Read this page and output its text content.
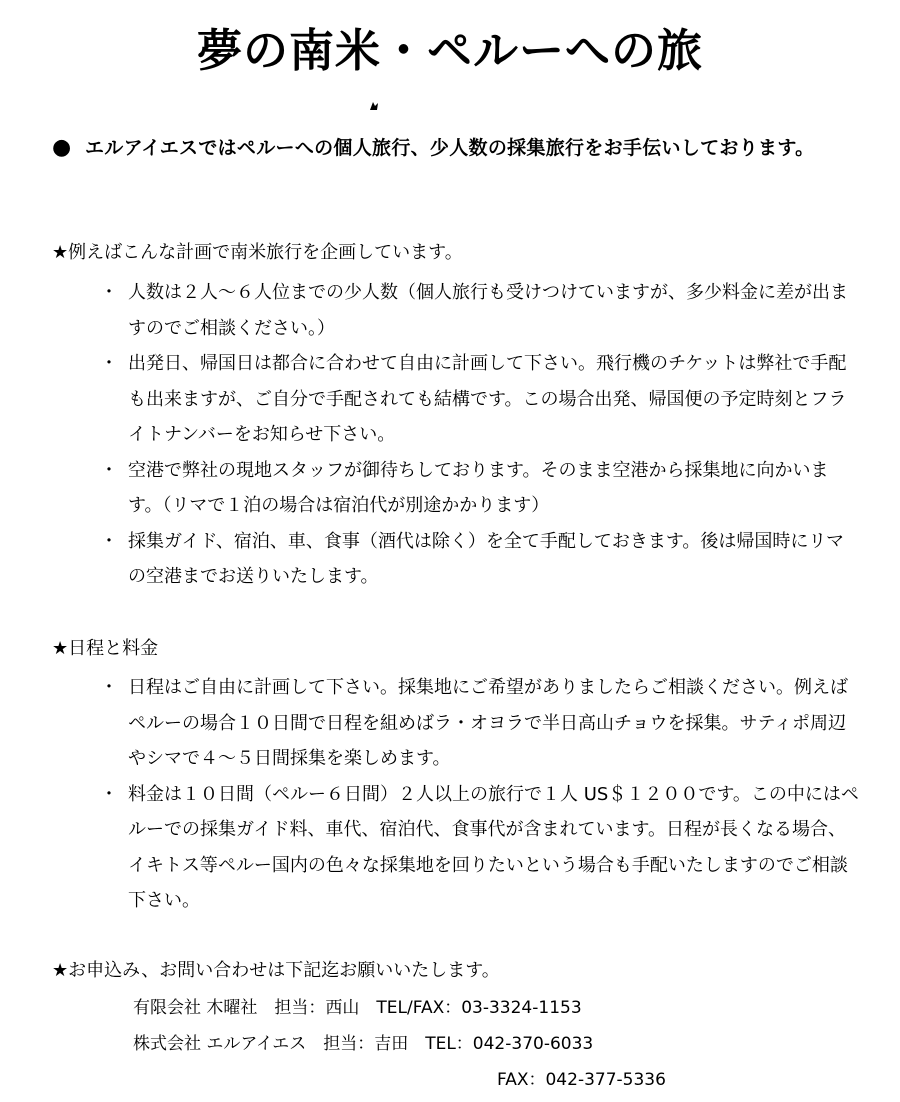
夢の南米・ペルーへの旅
● エルアイエスではペルーへの個人旅行、少人数の採集旅行をお手伝いしております。
★例えばこんな計画で南米旅行を企画しています。
・ 人数は２人〜６人位までの少人数（個人旅行も受けつけていますが、多少料金に差が出ますのでご相談ください。）
・ 出発日、帰国日は都合に合わせて自由に計画して下さい。飛行機のチケットは弊社で手配も出来ますが、ご自分で手配されても結構です。この場合出発、帰国便の予定時刻とフライトナンバーをお知らせ下さい。
・ 空港で弊社の現地スタッフが御待ちしております。そのまま空港から採集地に向かいます。（リマで１泊の場合は宿泊代が別途かかります）
・ 採集ガイド、宿泊、車、食事（酒代は除く）を全て手配しておきます。後は帰国時にリマの空港までお送りいたします。
★日程と料金
・ 日程はご自由に計画して下さい。採集地にご希望がありましたらご相談ください。例えばペルーの場合１０日間で日程を組めばラ・オヨラで半日高山チョウを採集。サティポ周辺やシマで４〜５日間採集を楽しめます。
・ 料金は１０日間（ペルー６日間）２人以上の旅行で１人 US＄１２００です。この中にはペルーでの採集ガイド料、車代、宿泊代、食事代が含まれています。日程が長くなる場合、イキトス等ペルー国内の色々な採集地を回りたいという場合も手配いたしますのでご相談下さい。
★お申込み、お問い合わせは下記迄お願いいたします。
有限会社 木曜社　担当：西山　TEL/FAX：03-3324-1153
株式会社 エルアイエス　担当：吉田　TEL：042-370-6033
FAX：042-377-5336
